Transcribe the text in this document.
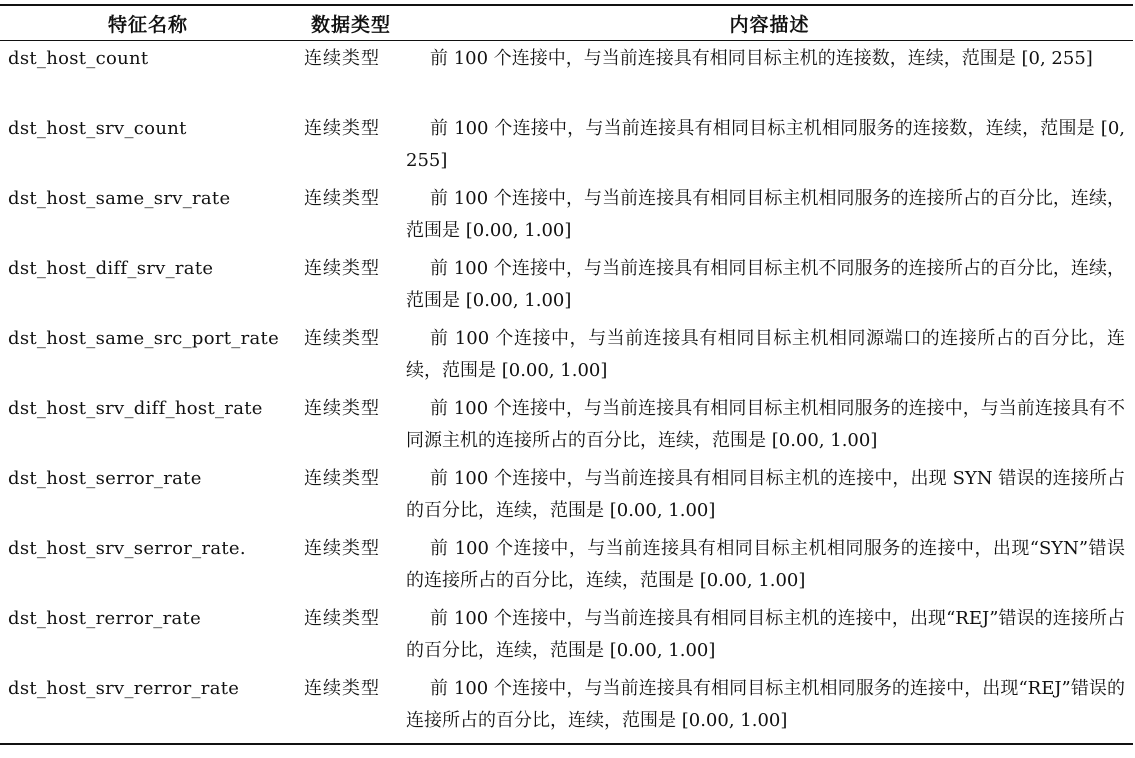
特征名称	数据类型	内容描述
dst_host_count	连续类型	前 100 个连接中，与当前连接具有相同目标主机的连接数，连续，范围是 [0, 255]
dst_host_srv_count	连续类型	前 100 个连接中，与当前连接具有相同目标主机相同服务的连接数，连续，范围是 [0, 255]
dst_host_same_srv_rate	连续类型	前 100 个连接中，与当前连接具有相同目标主机相同服务的连接所占的百分比，连续，范围是 [0.00, 1.00]
dst_host_diff_srv_rate	连续类型	前 100 个连接中，与当前连接具有相同目标主机不同服务的连接所占的百分比，连续，范围是 [0.00, 1.00]
dst_host_same_src_port_rate	连续类型	前 100 个连接中，与当前连接具有相同目标主机相同源端口的连接所占的百分比，连续，范围是 [0.00, 1.00]
dst_host_srv_diff_host_rate	连续类型	前 100 个连接中，与当前连接具有相同目标主机相同服务的连接中，与当前连接具有不同源主机的连接所占的百分比，连续，范围是 [0.00, 1.00]
dst_host_serror_rate	连续类型	前 100 个连接中，与当前连接具有相同目标主机的连接中，出现 SYN 错误的连接所占的百分比，连续，范围是 [0.00, 1.00]
dst_host_srv_serror_rate.	连续类型	前 100 个连接中，与当前连接具有相同目标主机相同服务的连接中，出现“SYN”错误的连接所占的百分比，连续，范围是 [0.00, 1.00]
dst_host_rerror_rate	连续类型	前 100 个连接中，与当前连接具有相同目标主机的连接中，出现“REJ”错误的连接所占的百分比，连续，范围是 [0.00, 1.00]
dst_host_srv_rerror_rate	连续类型	前 100 个连接中，与当前连接具有相同目标主机相同服务的连接中，出现“REJ”错误的连接所占的百分比，连续，范围是 [0.00, 1.00]
